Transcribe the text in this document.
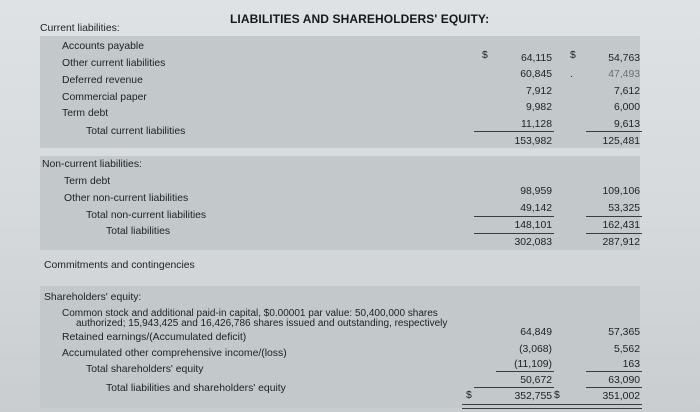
LIABILITIES AND SHAREHOLDERS' EQUITY:
Current liabilities:
Accounts payable
$	64,115 $	54,763
Other current liabilities
60,845 .	47,493
Deferred revenue
7,912	7,612
Commercial paper
9,982	6,000
Term debt
11,128	9,613
Total current liabilities
153,982	125,481
Non-current liabilities:
Term debt
98,959	109,106
Other non-current liabilities
49,142	53,325
Total non-current liabilities
148,101	162,431
Total liabilities
302,083	287,912
Commitments and contingencies
Shareholders' equity:
Common stock and additional paid-in capital, $0.00001 par value: 50,400,000 shares
authorized; 15,943,425 and 16,426,786 shares issued and outstanding, respectively
64,849	57,365
Retained earnings/(Accumulated deficit)
(3,068)	5,562
Accumulated other comprehensive income/(loss)
(11,109)	163
Total shareholders' equity
50,672	63,090
Total liabilities and shareholders' equity
$	352,755 $	351,002
